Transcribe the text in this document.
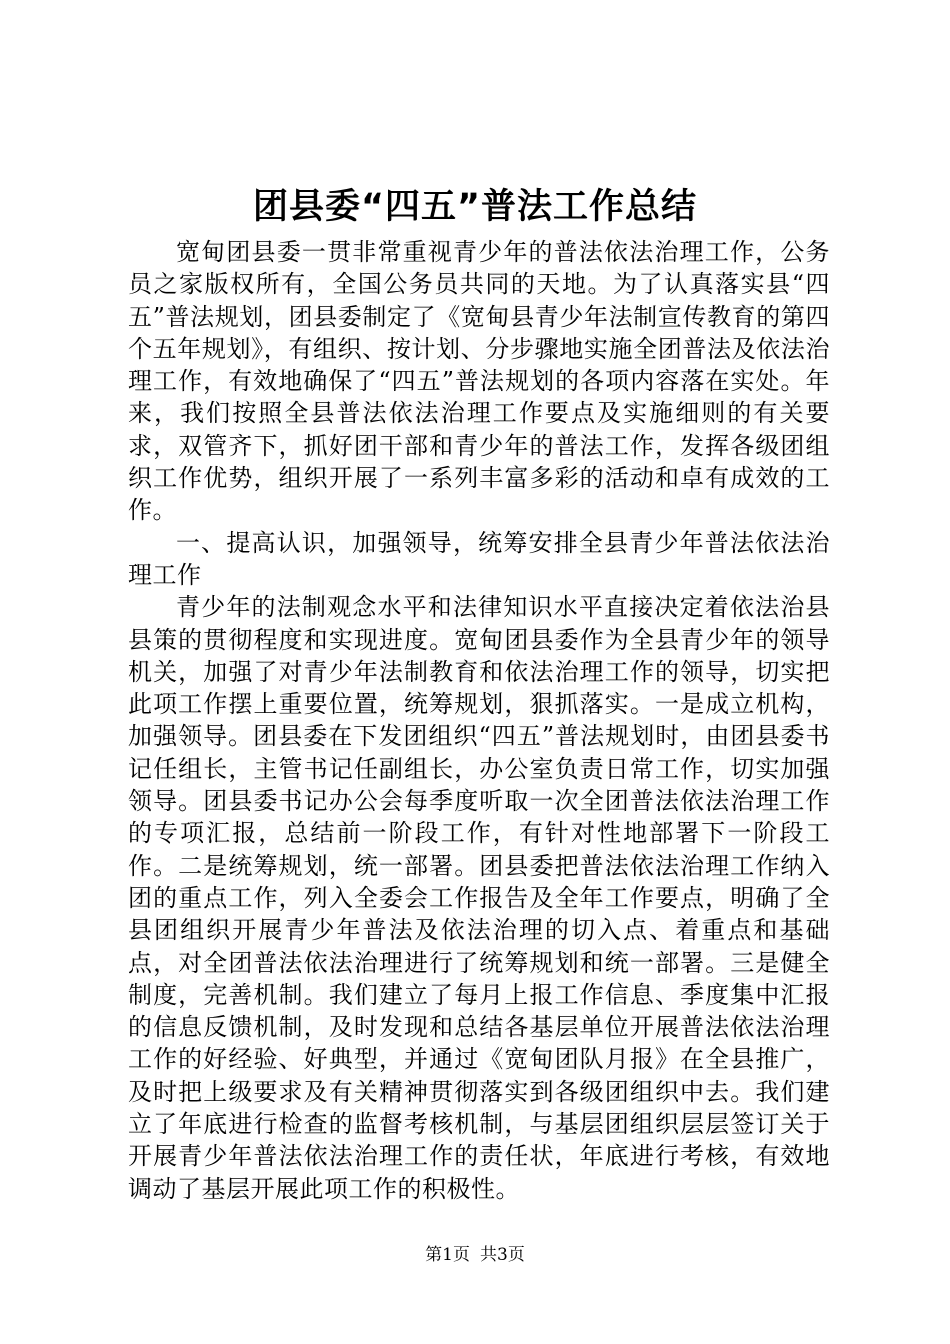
团县委“四五”普法工作总结

宽甸团县委一贯非常重视青少年的普法依法治理工作，公务员之家版权所有，全国公务员共同的天地。为了认真落实县“四五”普法规划，团县委制定了《宽甸县青少年法制宣传教育的第四个五年规划》，有组织、按计划、分步骤地实施全团普法及依法治理工作，有效地确保了“四五”普法规划的各项内容落在实处。年来，我们按照全县普法依法治理工作要点及实施细则的有关要求，双管齐下，抓好团干部和青少年的普法工作，发挥各级团组织工作优势，组织开展了一系列丰富多彩的活动和卓有成效的工作。

一、提高认识，加强领导，统筹安排全县青少年普法依法治理工作

青少年的法制观念水平和法律知识水平直接决定着依法治县县策的贯彻程度和实现进度。宽甸团县委作为全县青少年的领导机关，加强了对青少年法制教育和依法治理工作的领导，切实把此项工作摆上重要位置，统筹规划，狠抓落实。一是成立机构，加强领导。团县委在下发团组织“四五”普法规划时，由团县委书记任组长，主管书记任副组长，办公室负责日常工作，切实加强领导。团县委书记办公会每季度听取一次全团普法依法治理工作的专项汇报，总结前一阶段工作，有针对性地部署下一阶段工作。二是统筹规划，统一部署。团县委把普法依法治理工作纳入团的重点工作，列入全委会工作报告及全年工作要点，明确了全县团组织开展青少年普法及依法治理的切入点、着重点和基础点，对全团普法依法治理进行了统筹规划和统一部署。三是健全制度，完善机制。我们建立了每月上报工作信息、季度集中汇报的信息反馈机制，及时发现和总结各基层单位开展普法依法治理工作的好经验、好典型，并通过《宽甸团队月报》在全县推广，及时把上级要求及有关精神贯彻落实到各级团组织中去。我们建立了年底进行检查的监督考核机制，与基层团组织层层签订关于开展青少年普法依法治理工作的责任状，年底进行考核，有效地调动了基层开展此项工作的积极性。

第1页 共3页
